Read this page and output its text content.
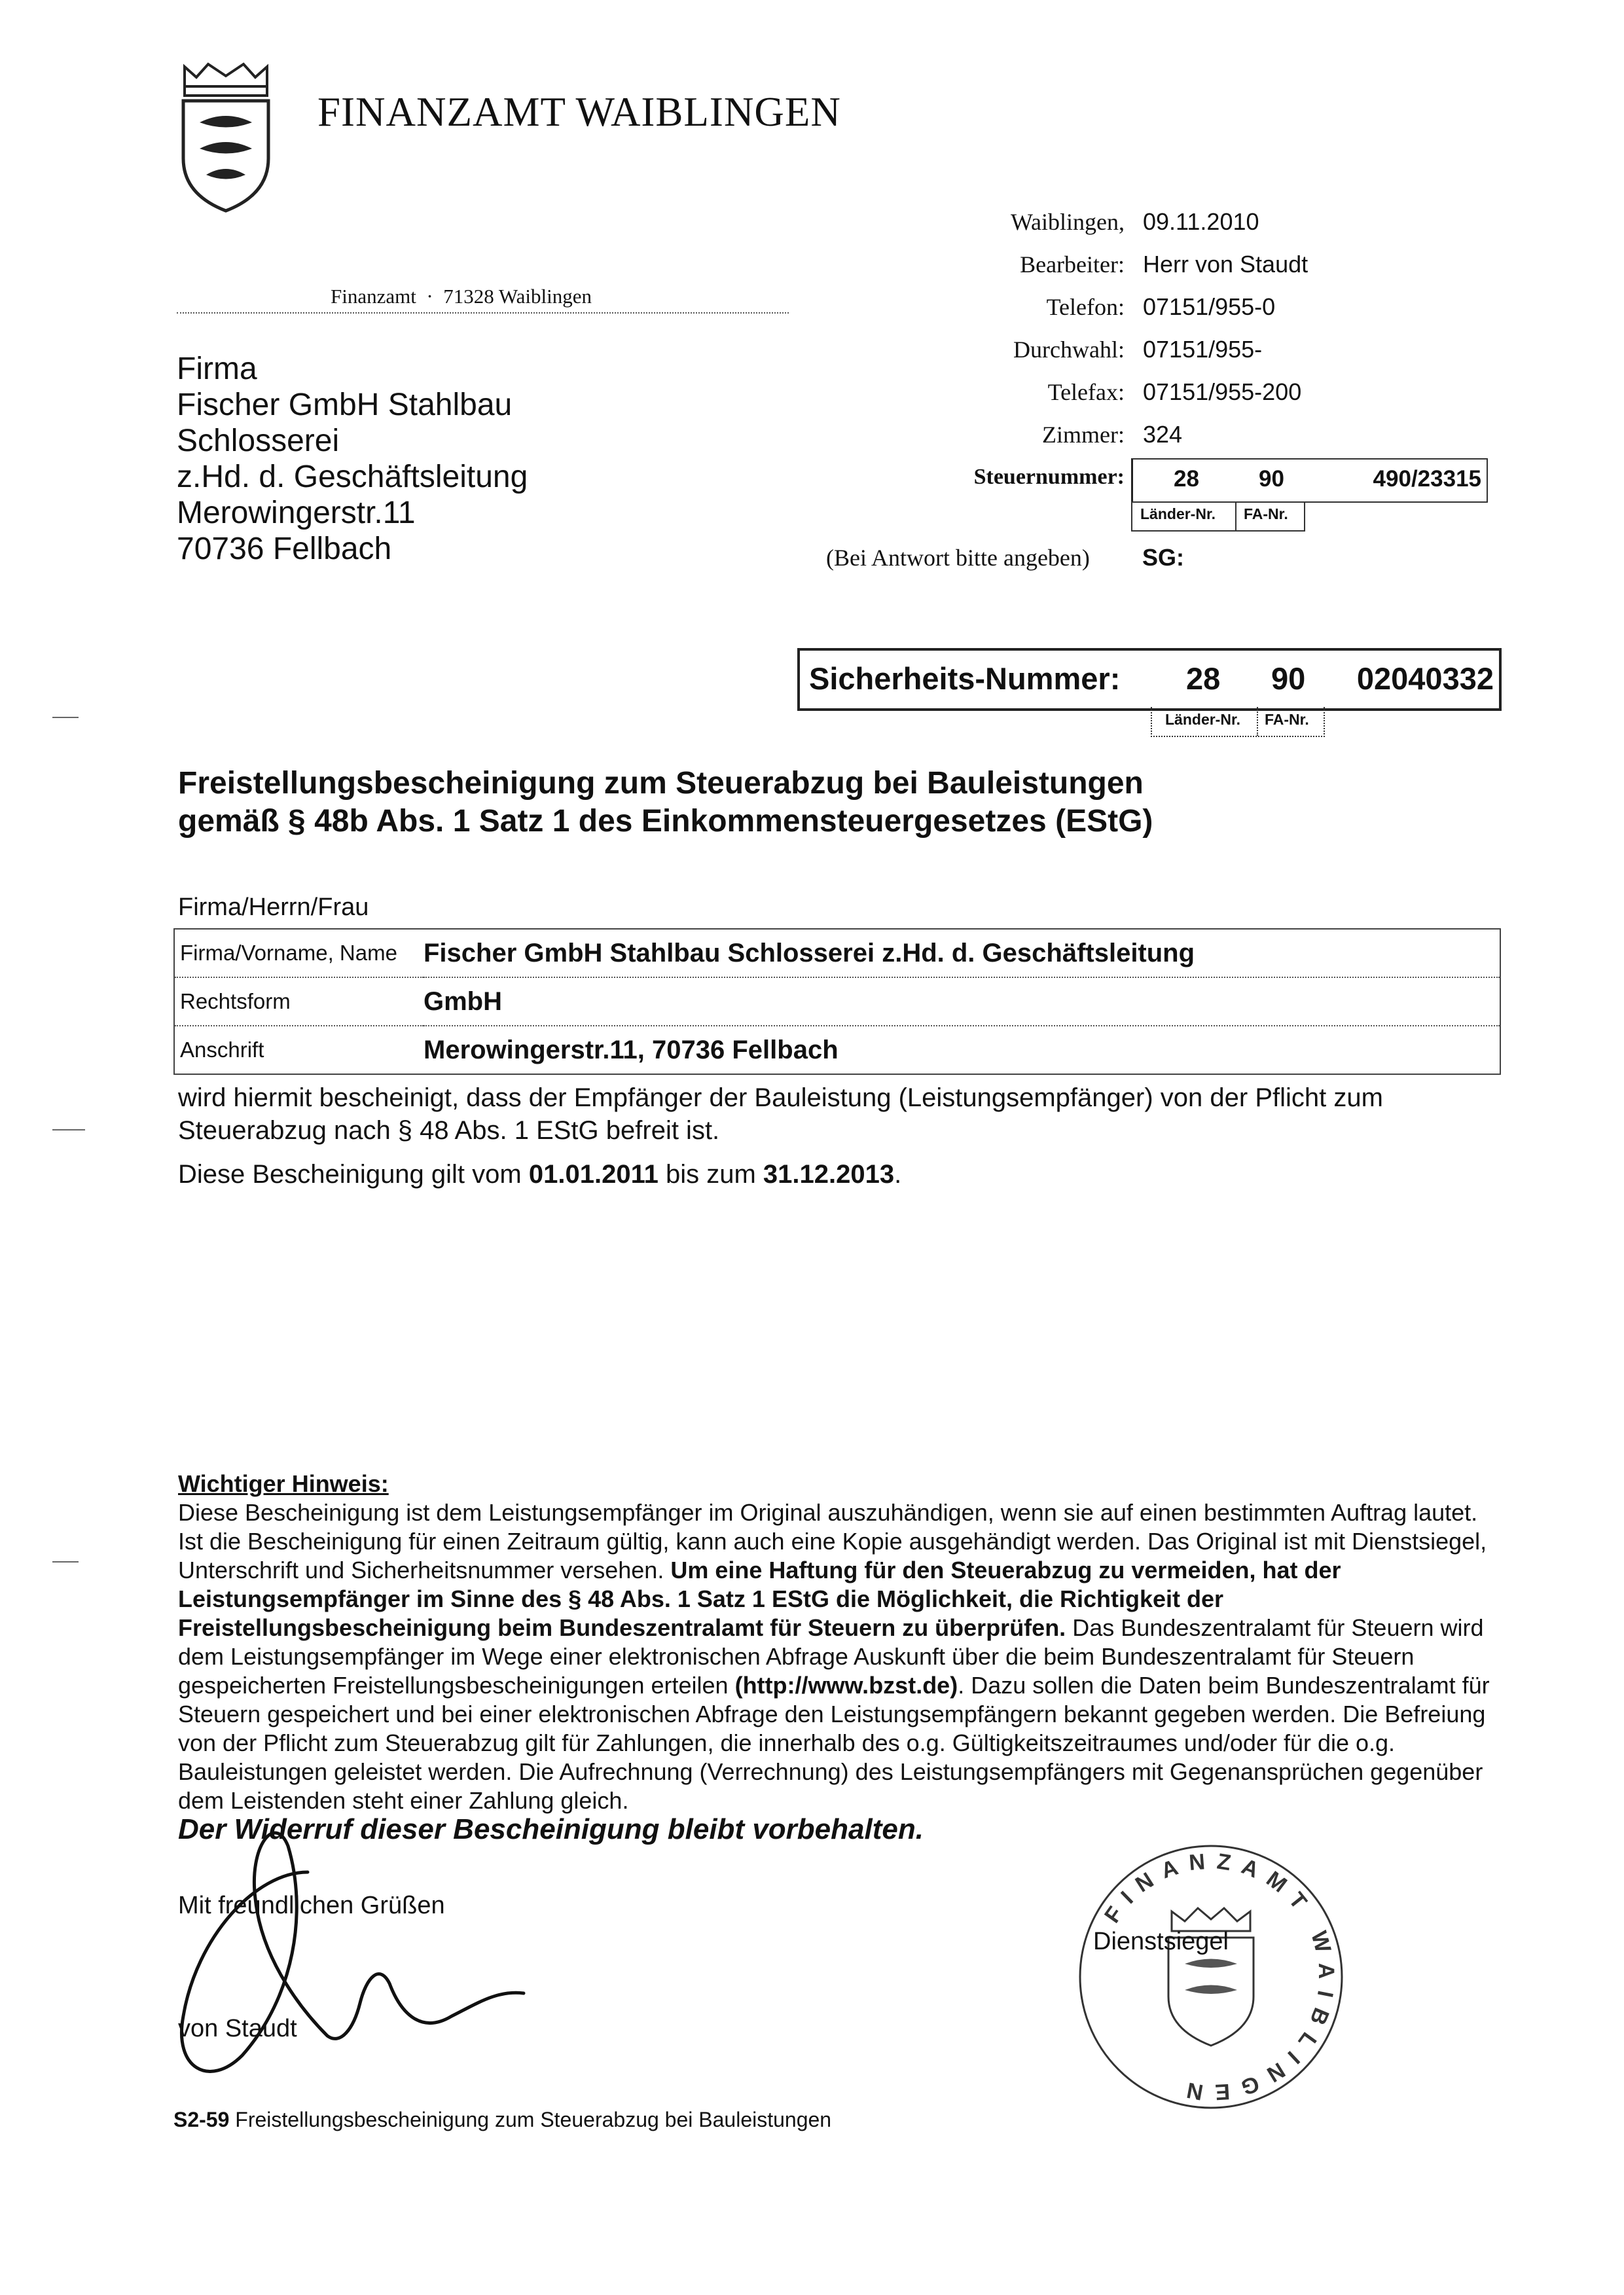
FINANZAMT WAIBLINGEN
Finanzamt  ·  71328 Waiblingen
Firma
Fischer GmbH Stahlbau
Schlosserei
z.Hd. d. Geschäftsleitung
Merowingerstr.11
70736 Fellbach
Waiblingen, 09.11.2010
Bearbeiter: Herr von Staudt
Telefon: 07151/955-0
Durchwahl: 07151/955-
Telefax: 07151/955-200
Zimmer: 324
Steuernummer: 28	90	490/23315
Länder-Nr. FA-Nr.
(Bei Antwort bitte angeben) SG:
Sicherheits-Nummer: 28 90 02040332
Länder-Nr. FA-Nr.
Freistellungsbescheinigung zum Steuerabzug bei Bauleistungen
gemäß § 48b Abs. 1 Satz 1 des Einkommensteuergesetzes (EStG)
Firma/Herrn/Frau
Firma/Vorname, Name	Fischer GmbH Stahlbau Schlosserei z.Hd. d. Geschäftsleitung
Rechtsform	GmbH
Anschrift	Merowingerstr.11, 70736 Fellbach
wird hiermit bescheinigt, dass der Empfänger der Bauleistung (Leistungsempfänger) von der Pflicht zum Steuerabzug nach § 48 Abs. 1 EStG befreit ist.
Diese Bescheinigung gilt vom 01.01.2011 bis zum 31.12.2013.
Wichtiger Hinweis:
Diese Bescheinigung ist dem Leistungsempfänger im Original auszuhändigen, wenn sie auf einen bestimmten Auftrag lautet. Ist die Bescheinigung für einen Zeitraum gültig, kann auch eine Kopie ausgehändigt werden. Das Original ist mit Dienstsiegel, Unterschrift und Sicherheitsnummer versehen. Um eine Haftung für den Steuerabzug zu vermeiden, hat der Leistungsempfänger im Sinne des § 48 Abs. 1 Satz 1 EStG die Möglichkeit, die Richtigkeit der Freistellungsbescheinigung beim Bundeszentralamt für Steuern zu überprüfen. Das Bundeszentralamt für Steuern wird dem Leistungsempfänger im Wege einer elektronischen Abfrage Auskunft über die beim Bundeszentralamt für Steuern gespeicherten Freistellungsbescheinigungen erteilen (http://www.bzst.de). Dazu sollen die Daten beim Bundeszentralamt für Steuern gespeichert und bei einer elektronischen Abfrage den Leistungsempfängern bekannt gegeben werden. Die Befreiung von der Pflicht zum Steuerabzug gilt für Zahlungen, die innerhalb des o.g. Gültigkeitszeitraumes und/oder für die o.g. Bauleistungen geleistet werden. Die Aufrechnung (Verrechnung) des Leistungsempfängers mit Gegenansprüchen gegenüber dem Leistenden steht einer Zahlung gleich.
Der Widerruf dieser Bescheinigung bleibt vorbehalten.
Mit freundlichen Grüßen
von Staudt
FINANZAMT WAIBLINGEN
Dienstsiegel
S2-59 Freistellungsbescheinigung zum Steuerabzug bei Bauleistungen
